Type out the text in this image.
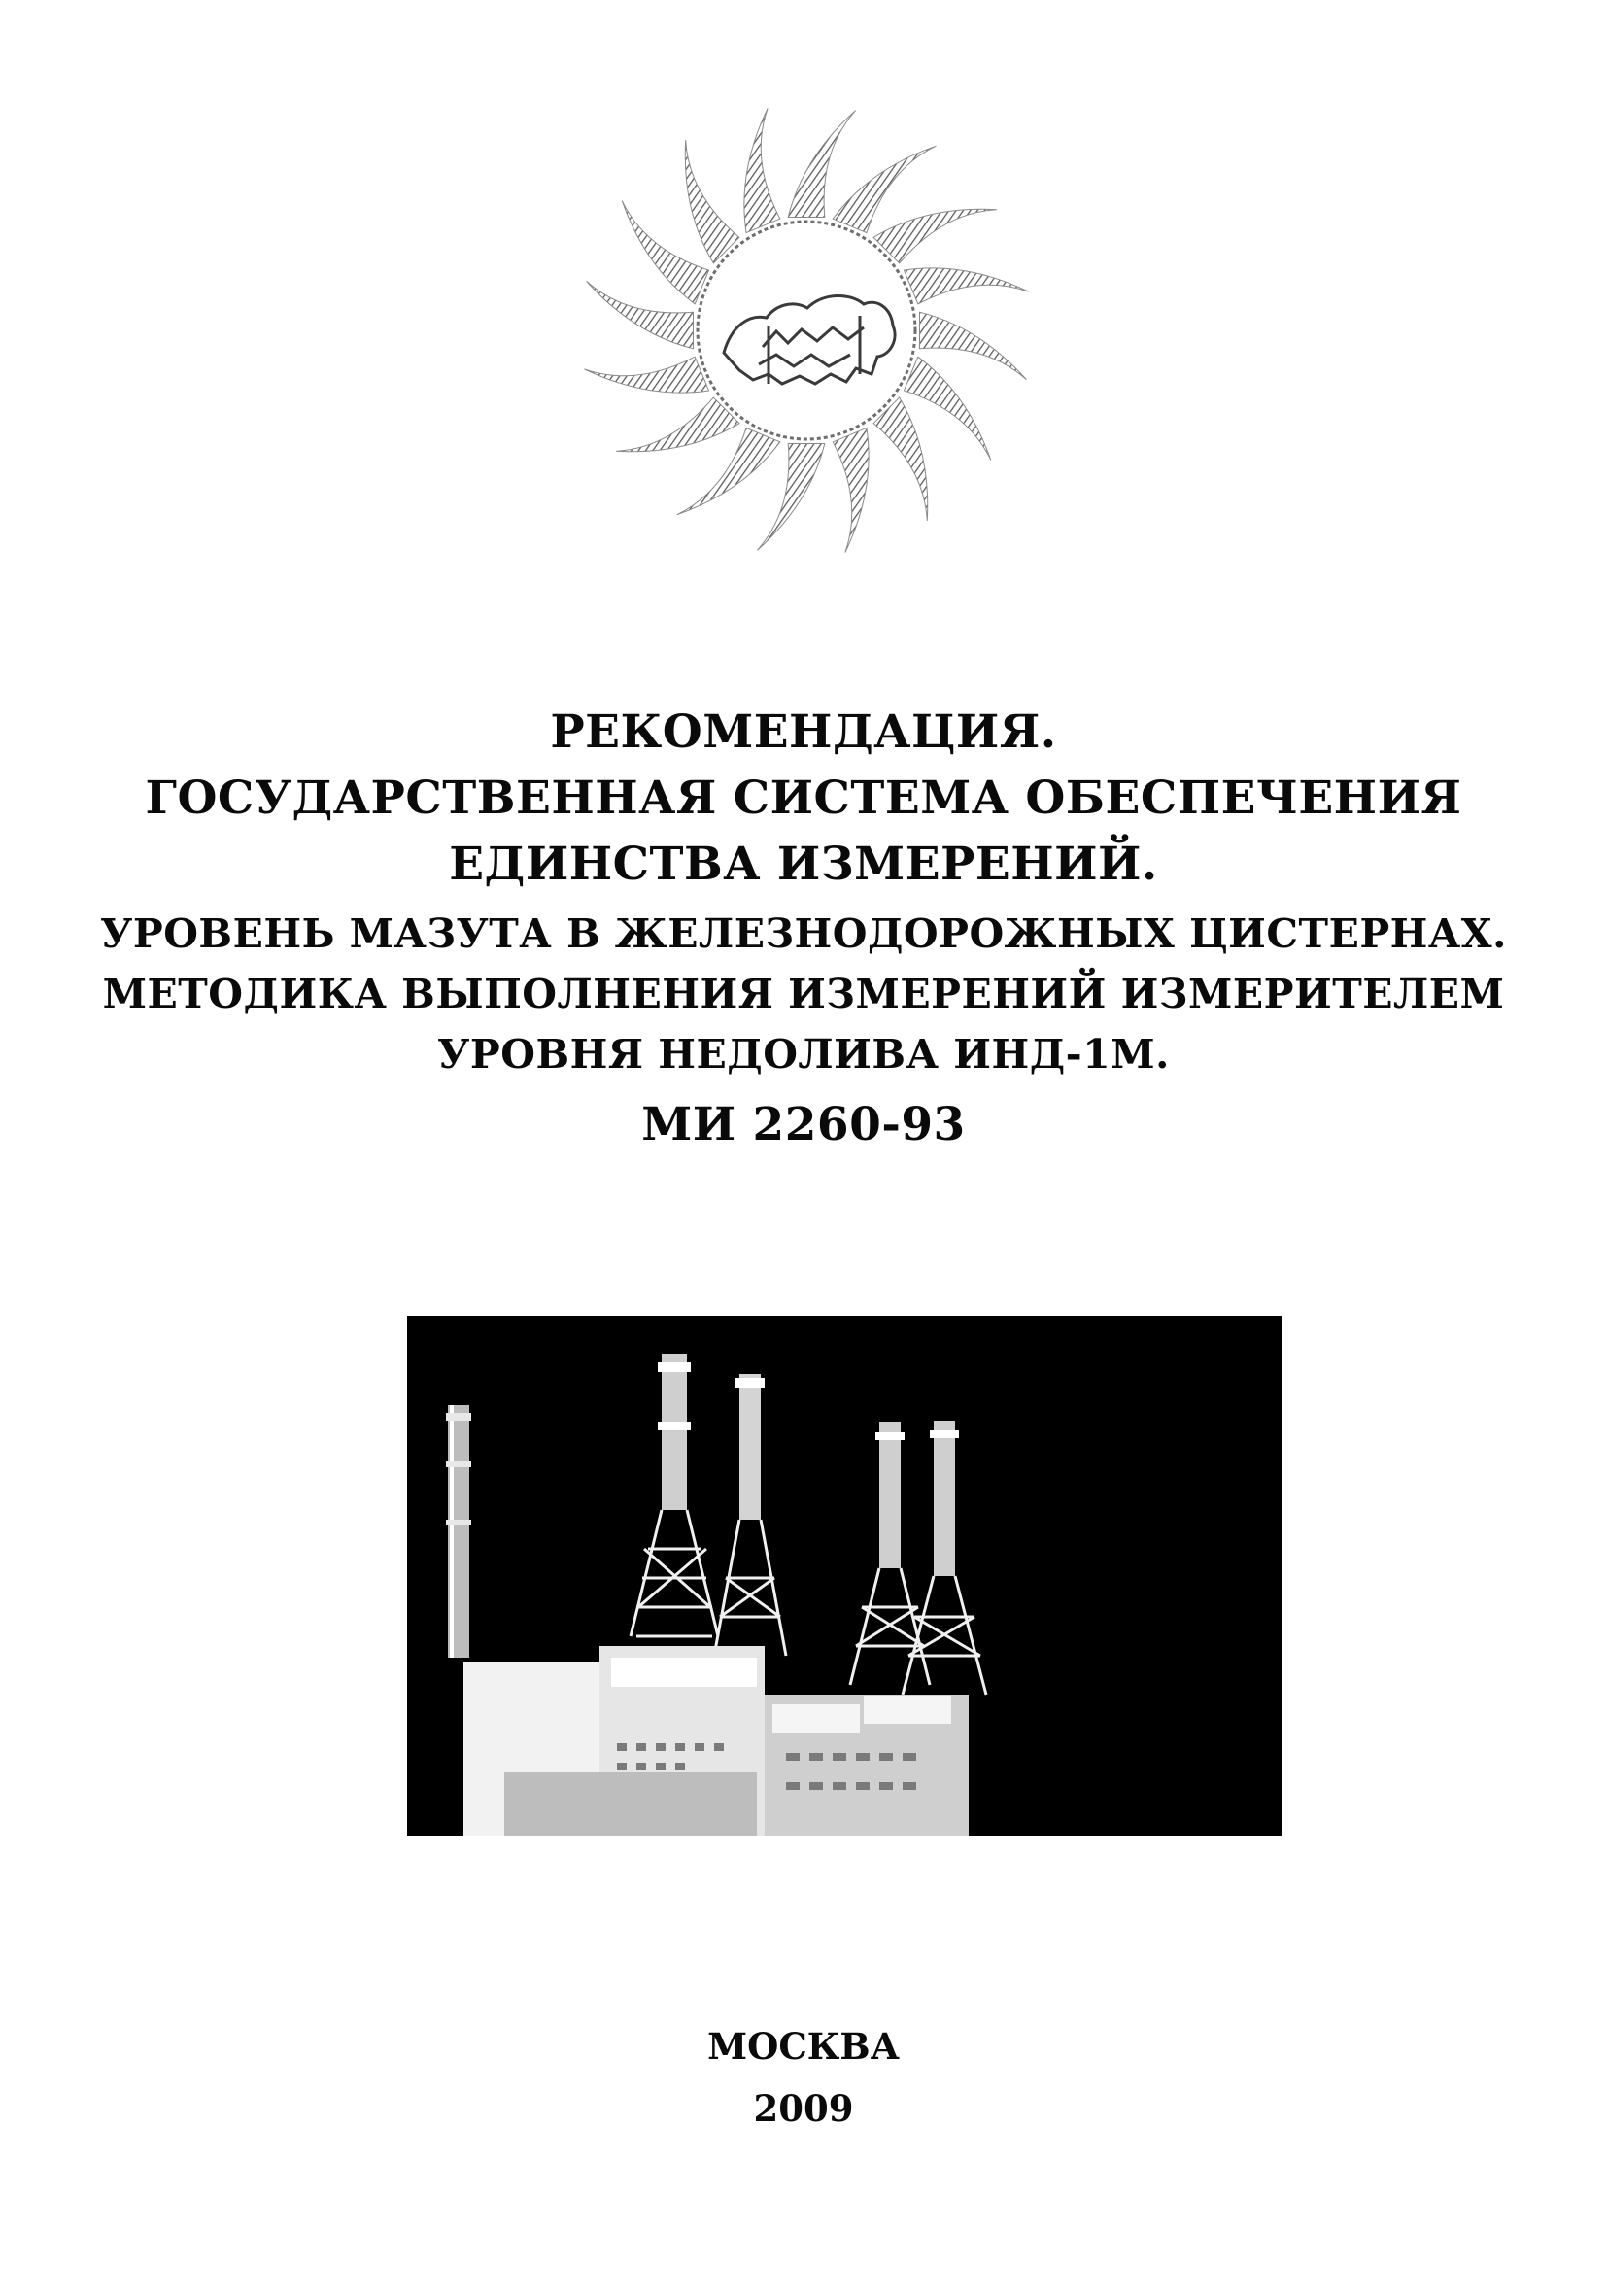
РЕКОМЕНДАЦИЯ.
ГОСУДАРСТВЕННАЯ СИСТЕМА ОБЕСПЕЧЕНИЯ
ЕДИНСТВА ИЗМЕРЕНИЙ.
УРОВЕНЬ МАЗУТА В ЖЕЛЕЗНОДОРОЖНЫХ ЦИСТЕРНАХ.
МЕТОДИКА ВЫПОЛНЕНИЯ ИЗМЕРЕНИЙ ИЗМЕРИТЕЛЕМ
УРОВНЯ НЕДОЛИВА ИНД-1М.
МИ 2260-93
МОСКВА
2009
